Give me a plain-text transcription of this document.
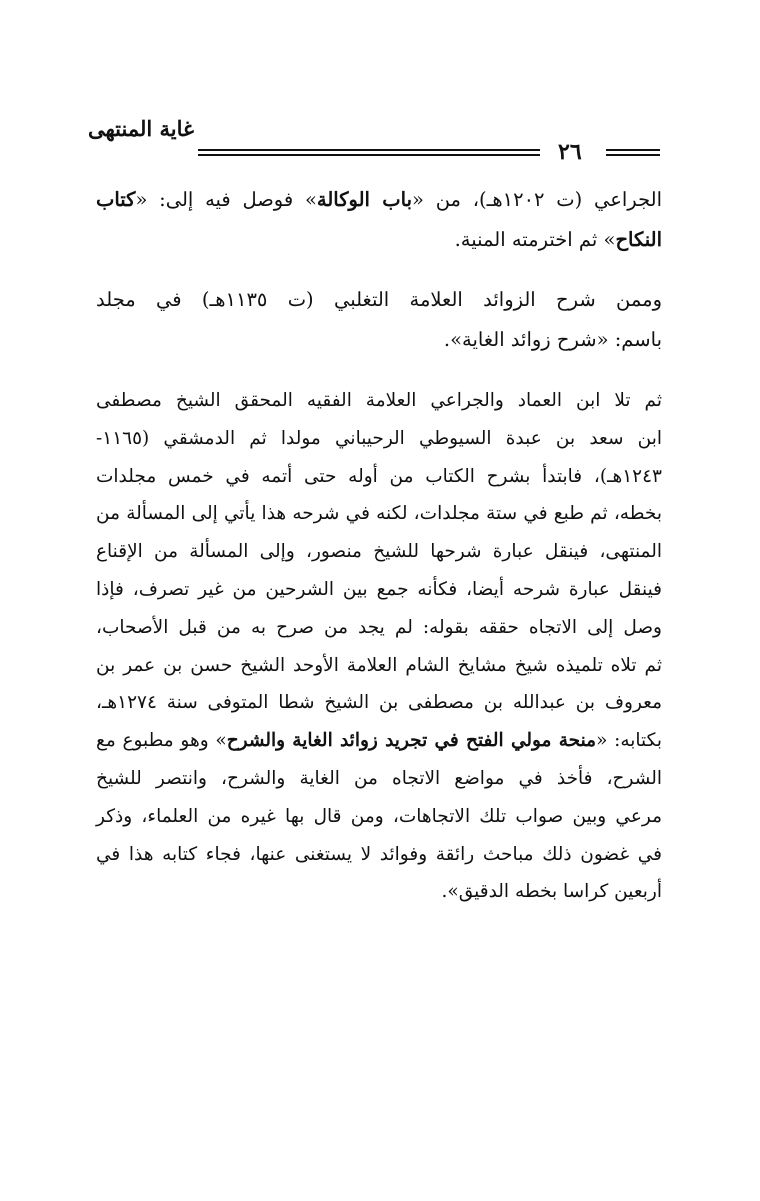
غاية المنتهى
٢٦
الجراعي (ت ١٢٠٢هـ)، من «باب الوكالة» فوصل فيه إلى: «كتاب
النكاح» ثم اخترمته المنية.
وممن شرح الزوائد العلامة التغلبي (ت ١١٣٥هـ) في مجلد
باسم: «شرح زوائد الغاية».
ثم تلا ابن العماد والجراعي العلامة الفقيه المحقق الشيخ مصطفى
ابن سعد بن عبدة السيوطي الرحيباني مولدا ثم الدمشقي (١١٦٥-
١٢٤٣هـ)، فابتدأ بشرح الكتاب من أوله حتى أتمه في خمس مجلدات
بخطه، ثم طبع في ستة مجلدات، لكنه في شرحه هذا يأتي إلى المسألة من
المنتهى، فينقل عبارة شرحها للشيخ منصور، وإلى المسألة من الإقناع
فينقل عبارة شرحه أيضا، فكأنه جمع بين الشرحين من غير تصرف، فإذا
وصل إلى الاتجاه حققه بقوله: لم يجد من صرح به من قبل الأصحاب،
ثم تلاه تلميذه شيخ مشايخ الشام العلامة الأوحد الشيخ حسن بن عمر بن
معروف بن عبدالله بن مصطفى بن الشيخ شطا المتوفى سنة ١٢٧٤هـ،
بكتابه: «منحة مولي الفتح في تجريد زوائد الغاية والشرح» وهو مطبوع مع
الشرح، فأخذ في مواضع الاتجاه من الغاية والشرح، وانتصر للشيخ
مرعي وبين صواب تلك الاتجاهات، ومن قال بها غيره من العلماء، وذكر
في غضون ذلك مباحث رائقة وفوائد لا يستغنى عنها، فجاء كتابه هذا في
أربعين كراسا بخطه الدقيق».
